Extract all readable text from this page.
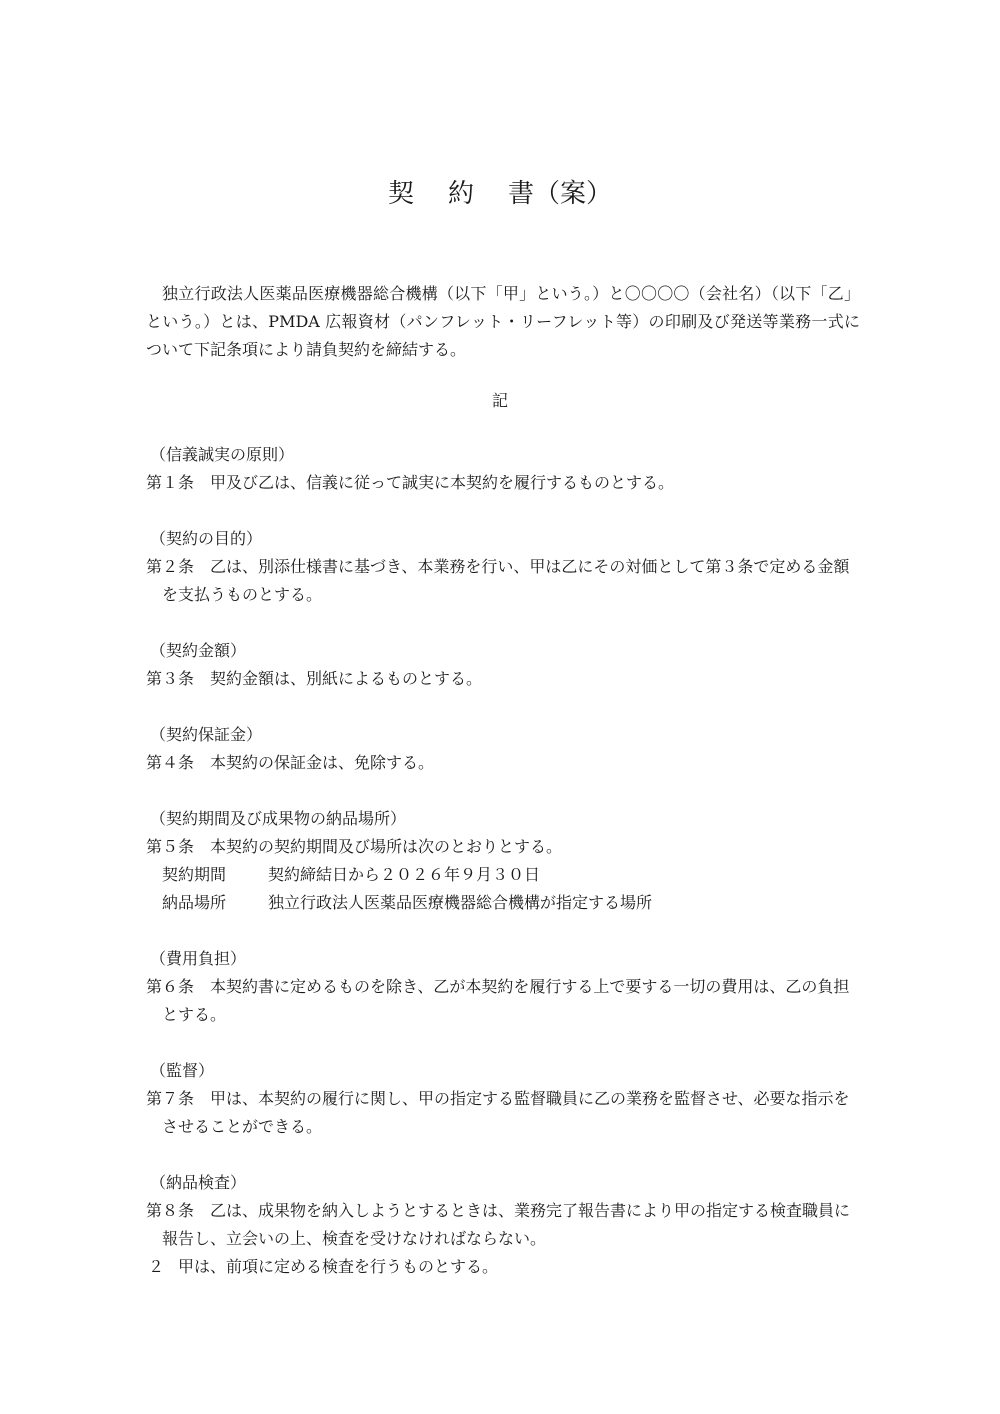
契 約 書（案）
独立行政法人医薬品医療機器総合機構（以下「甲」という。）と〇〇〇〇（会社名）（以下「乙」という。）とは、PMDA 広報資材（パンフレット・リーフレット等）の印刷及び発送等業務一式について下記条項により請負契約を締結する。
記
（信義誠実の原則）
第１条 甲及び乙は、信義に従って誠実に本契約を履行するものとする。
（契約の目的）
第２条 乙は、別添仕様書に基づき、本業務を行い、甲は乙にその対価として第３条で定める金額を支払うものとする。
（契約金額）
第３条 契約金額は、別紙によるものとする。
（契約保証金）
第４条 本契約の保証金は、免除する。
（契約期間及び成果物の納品場所）
第５条 本契約の契約期間及び場所は次のとおりとする。
契約期間	契約締結日から２０２６年９月３０日
納品場所	独立行政法人医薬品医療機器総合機構が指定する場所
（費用負担）
第６条 本契約書に定めるものを除き、乙が本契約を履行する上で要する一切の費用は、乙の負担とする。
（監督）
第７条 甲は、本契約の履行に関し、甲の指定する監督職員に乙の業務を監督させ、必要な指示をさせることができる。
（納品検査）
第８条 乙は、成果物を納入しようとするときは、業務完了報告書により甲の指定する検査職員に報告し、立会いの上、検査を受けなければならない。
２ 甲は、前項に定める検査を行うものとする。
